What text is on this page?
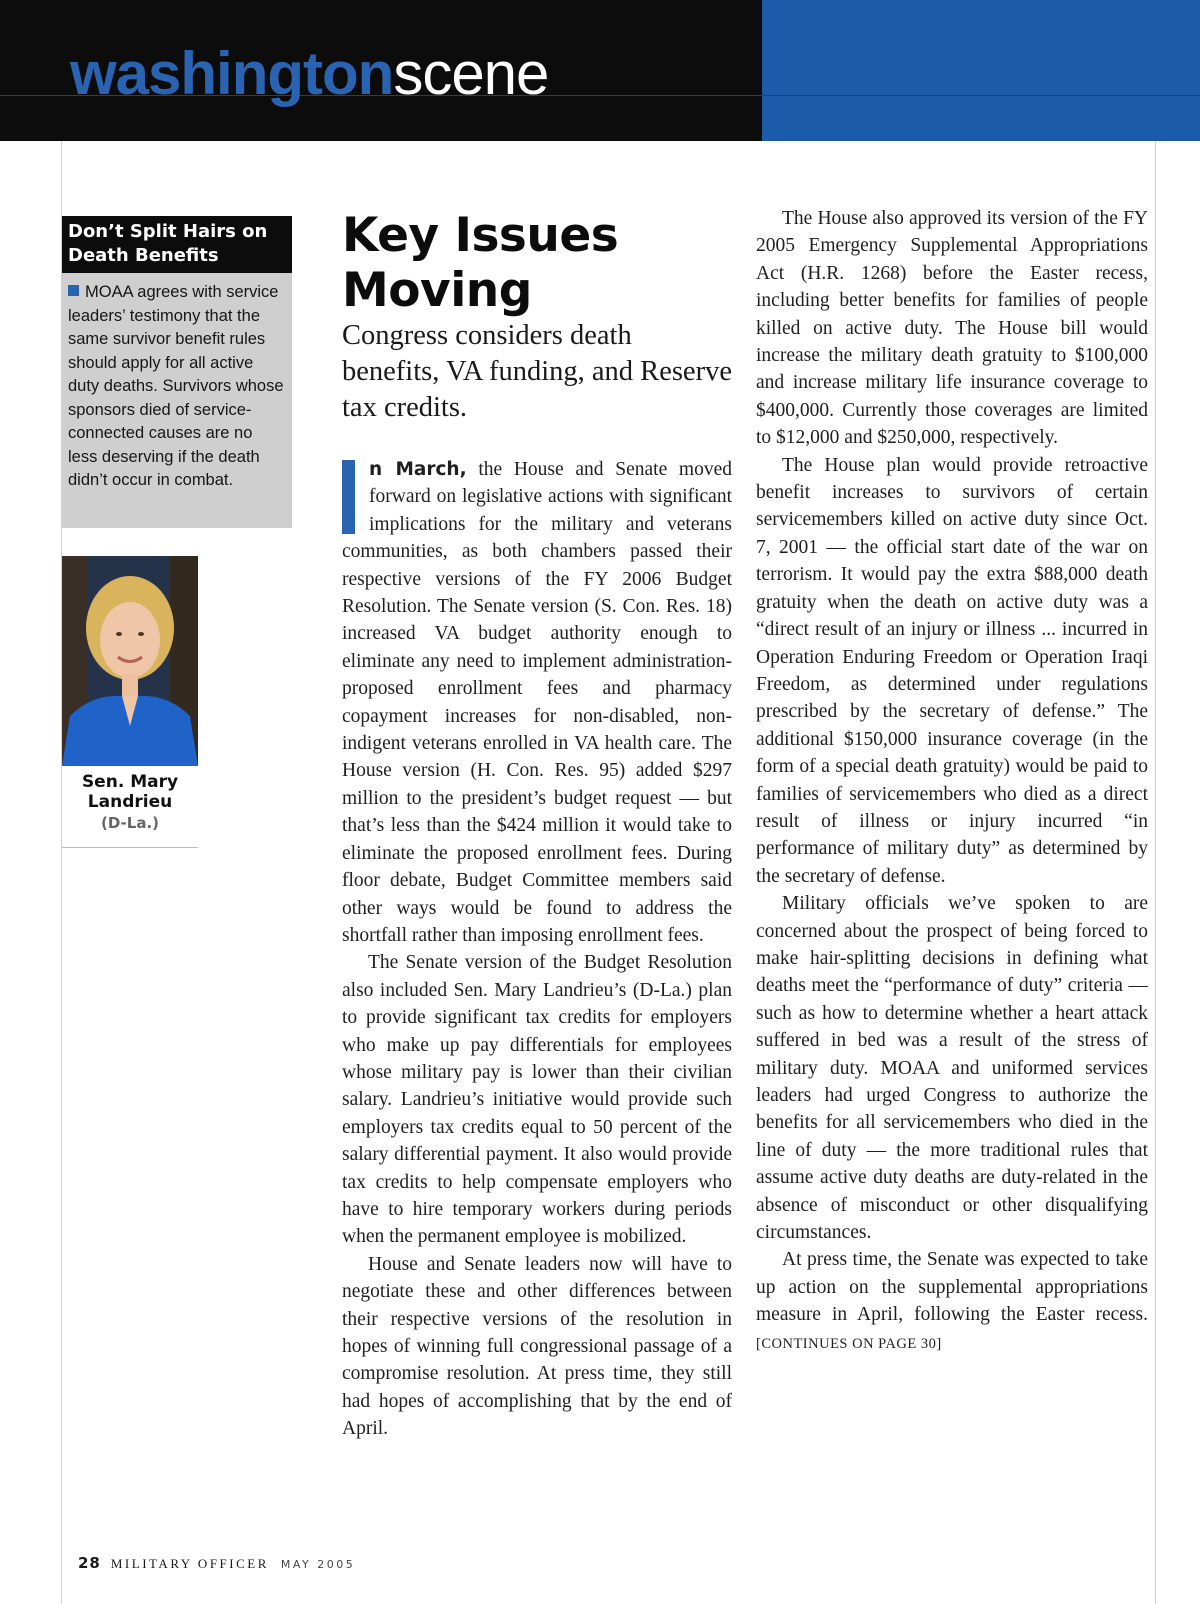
washingtonscene
Don’t Split Hairs on Death Benefits

MOAA agrees with service leaders’ testimony that the same survivor benefit rules should apply for all active duty deaths. Survivors whose sponsors died of service-connected causes are no less deserving if the death didn’t occur in combat.

Sen. Mary Landrieu
(D-La.)
Key Issues Moving

Congress considers death benefits, VA funding, and Reserve tax credits.

n March, the House and Senate moved forward on legislative actions with significant implications for the military and veterans communities, as both chambers passed their respective versions of the FY 2006 Budget Resolution. The Senate version (S. Con. Res. 18) increased VA budget authority enough to eliminate any need to implement administration-proposed enrollment fees and pharmacy copayment increases for non-disabled, non-indigent veterans enrolled in VA health care. The House version (H. Con. Res. 95) added $297 million to the president’s budget request — but that’s less than the $424 million it would take to eliminate the proposed enrollment fees. During floor debate, Budget Committee members said other ways would be found to address the shortfall rather than imposing enrollment fees.

The Senate version of the Budget Resolution also included Sen. Mary Landrieu’s (D-La.) plan to provide significant tax credits for employers who make up pay differentials for employees whose military pay is lower than their civilian salary. Landrieu’s initiative would provide such employers tax credits equal to 50 percent of the salary differential payment. It also would provide tax credits to help compensate employers who have to hire temporary workers during periods when the permanent employee is mobilized.

House and Senate leaders now will have to negotiate these and other differences between their respective versions of the resolution in hopes of winning full congressional passage of a compromise resolution. At press time, they still had hopes of accomplishing that by the end of April.

The House also approved its version of the FY 2005 Emergency Supplemental Appropriations Act (H.R. 1268) before the Easter recess, including better benefits for families of people killed on active duty. The House bill would increase the military death gratuity to $100,000 and increase military life insurance coverage to $400,000. Currently those coverages are limited to $12,000 and $250,000, respectively.

The House plan would provide retroactive benefit increases to survivors of certain servicemembers killed on active duty since Oct. 7, 2001 — the official start date of the war on terrorism. It would pay the extra $88,000 death gratuity when the death on active duty was a “direct result of an injury or illness ... incurred in Operation Enduring Freedom or Operation Iraqi Freedom, as determined under regulations prescribed by the secretary of defense.” The additional $150,000 insurance coverage (in the form of a special death gratuity) would be paid to families of servicemembers who died as a direct result of illness or injury incurred “in performance of military duty” as determined by the secretary of defense.

Military officials we’ve spoken to are concerned about the prospect of being forced to make hair-splitting decisions in defining what deaths meet the “performance of duty” criteria — such as how to determine whether a heart attack suffered in bed was a result of the stress of military duty. MOAA and uniformed services leaders had urged Congress to authorize the benefits for all servicemembers who died in the line of duty — the more traditional rules that assume active duty deaths are duty-related in the absence of misconduct or other disqualifying circumstances.

At press time, the Senate was expected to take up action on the supplemental appropriations measure in April, following the Easter recess. [CONTINUES ON PAGE 30]

28 MILITARY OFFICER MAY 2005
